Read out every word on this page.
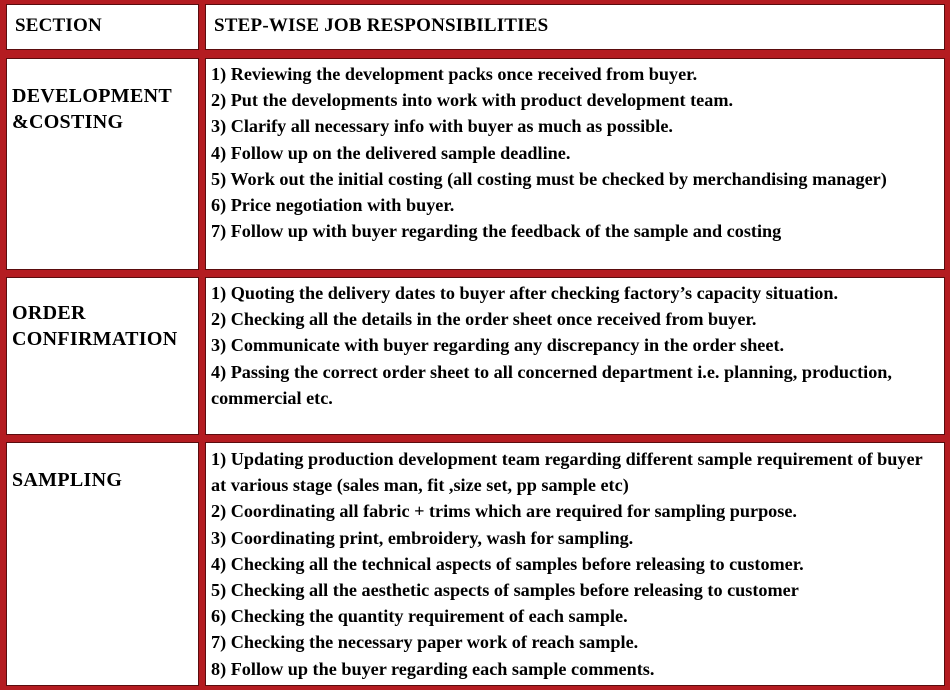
SECTION	STEP-WISE JOB RESPONSIBILITIES
DEVELOPMENT
&COSTING
1) Reviewing the development packs once received from buyer.
2) Put the developments into work with product development team.
3) Clarify all necessary info with buyer as much as possible.
4) Follow up on the delivered sample deadline.
5) Work out the initial costing (all costing must be checked by merchandising manager)
6) Price negotiation with buyer.
7) Follow up with buyer regarding the feedback of the sample and costing
ORDER
CONFIRMATION
1) Quoting the delivery dates to buyer after checking factory’s capacity situation.
2) Checking all the details in the order sheet once received from buyer.
3) Communicate with buyer regarding any discrepancy in the order sheet.
4) Passing the correct order sheet to all concerned department i.e. planning, production, commercial etc.
SAMPLING
1) Updating production development team regarding different sample requirement of buyer at various stage (sales man, fit ,size set, pp sample etc)
2) Coordinating all fabric + trims which are required for sampling purpose.
3) Coordinating print, embroidery, wash for sampling.
4) Checking all the technical aspects of samples before releasing to customer.
5) Checking all the aesthetic aspects of samples before releasing to customer
6) Checking the quantity requirement of each sample.
7) Checking the necessary paper work of reach sample.
8) Follow up the buyer regarding each sample comments.
